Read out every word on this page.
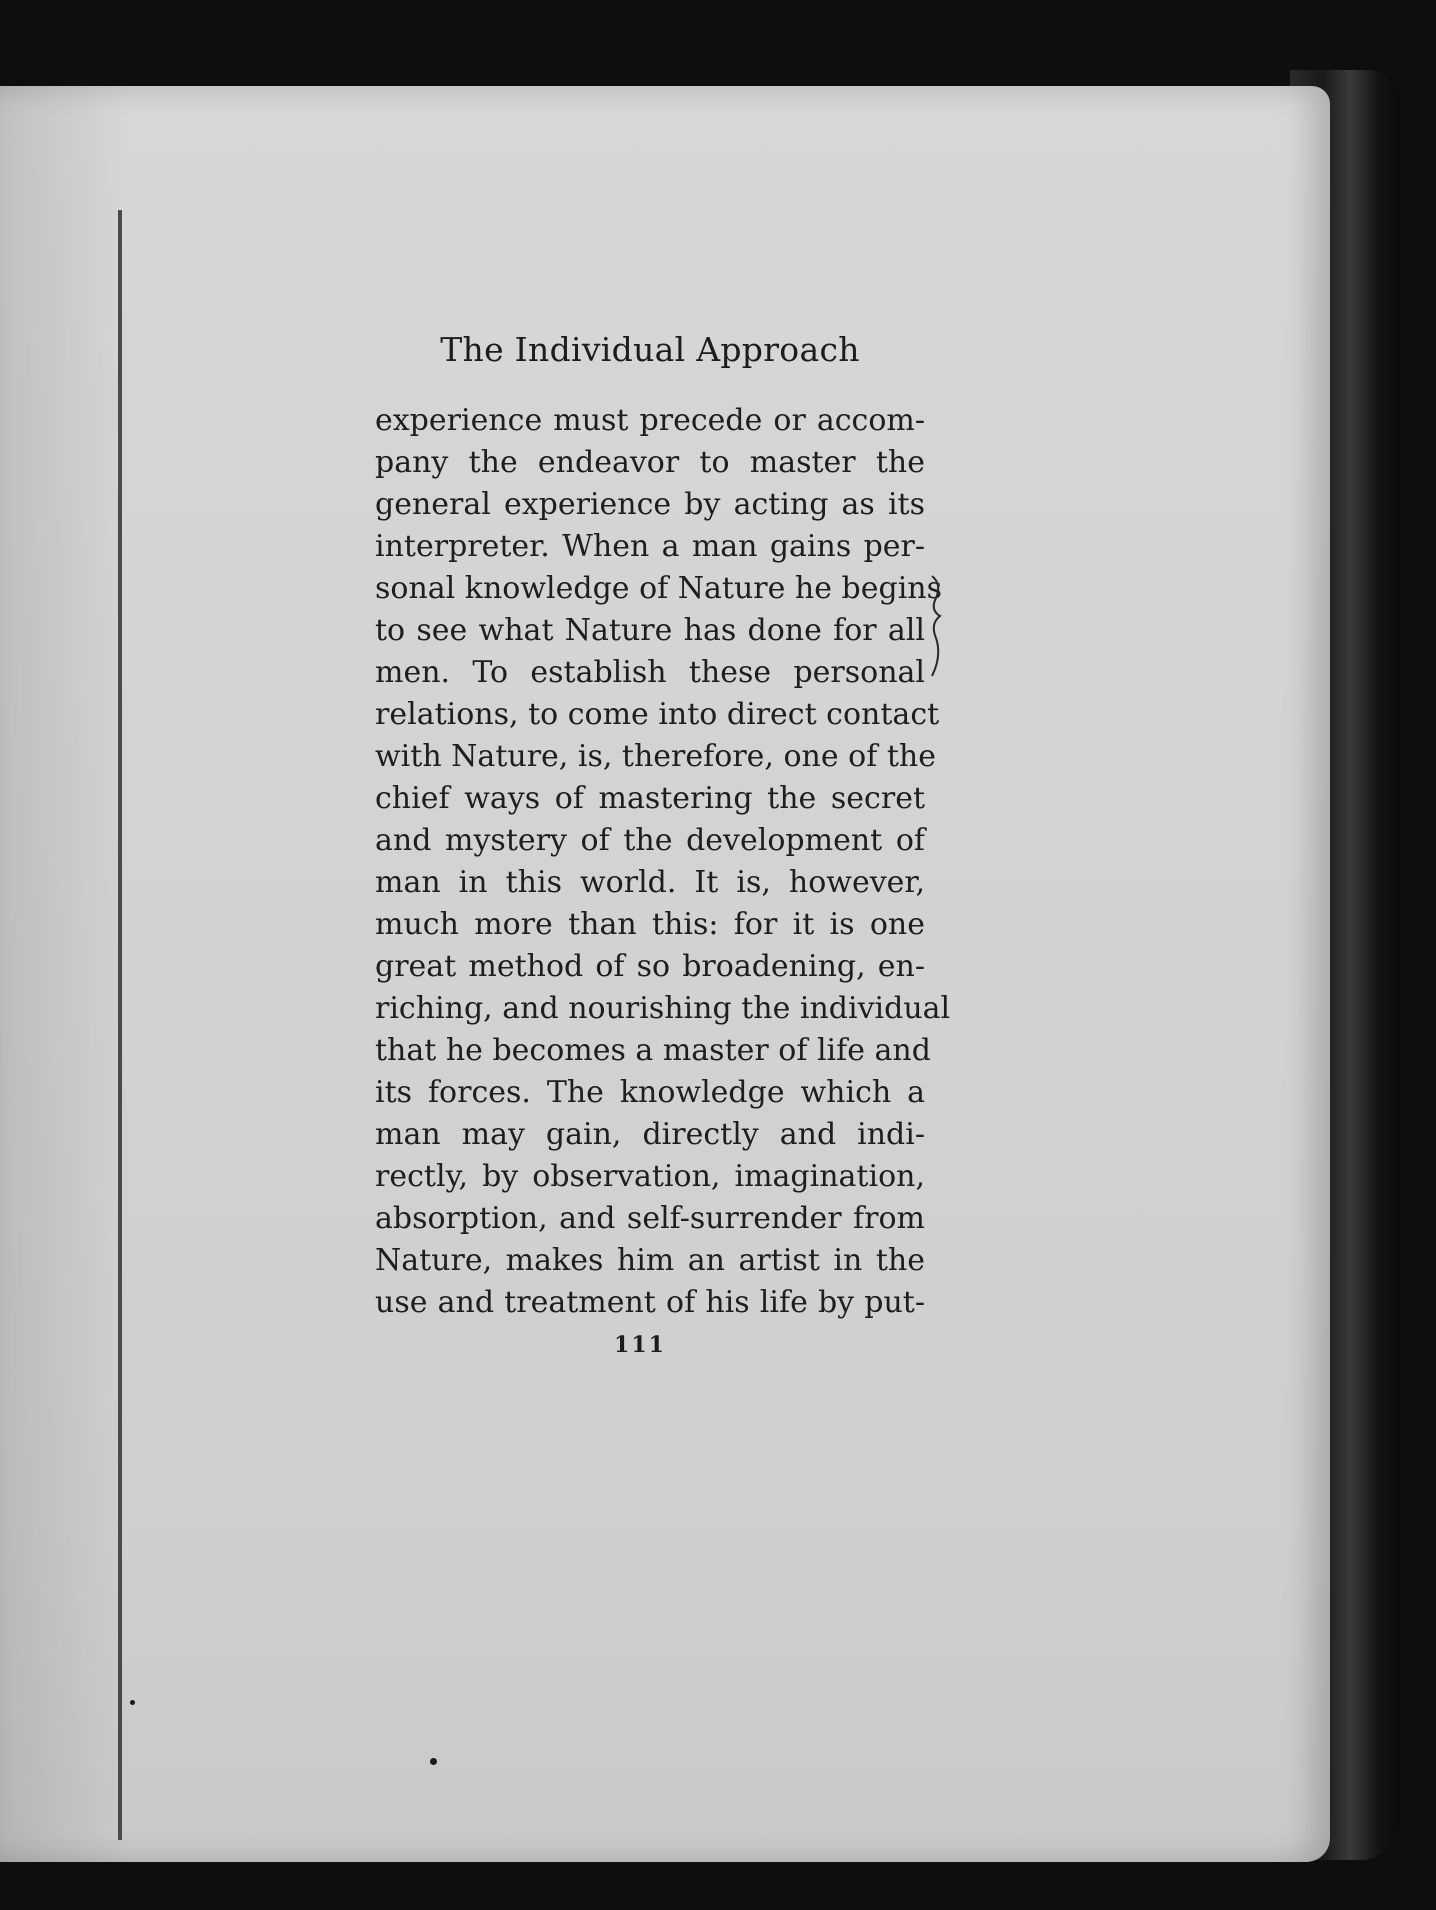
The Individual Approach
experience must precede or accom-
pany the endeavor to master the
general experience by acting as its
interpreter. When a man gains per-
sonal knowledge of Nature he begins
to see what Nature has done for all
men. To establish these personal
relations, to come into direct contact
with Nature, is, therefore, one of the
chief ways of mastering the secret
and mystery of the development of
man in this world. It is, however,
much more than this: for it is one
great method of so broadening, en-
riching, and nourishing the individual
that he becomes a master of life and
its forces. The knowledge which a
man may gain, directly and indi-
rectly, by observation, imagination,
absorption, and self-surrender from
Nature, makes him an artist in the
use and treatment of his life by put-
111
